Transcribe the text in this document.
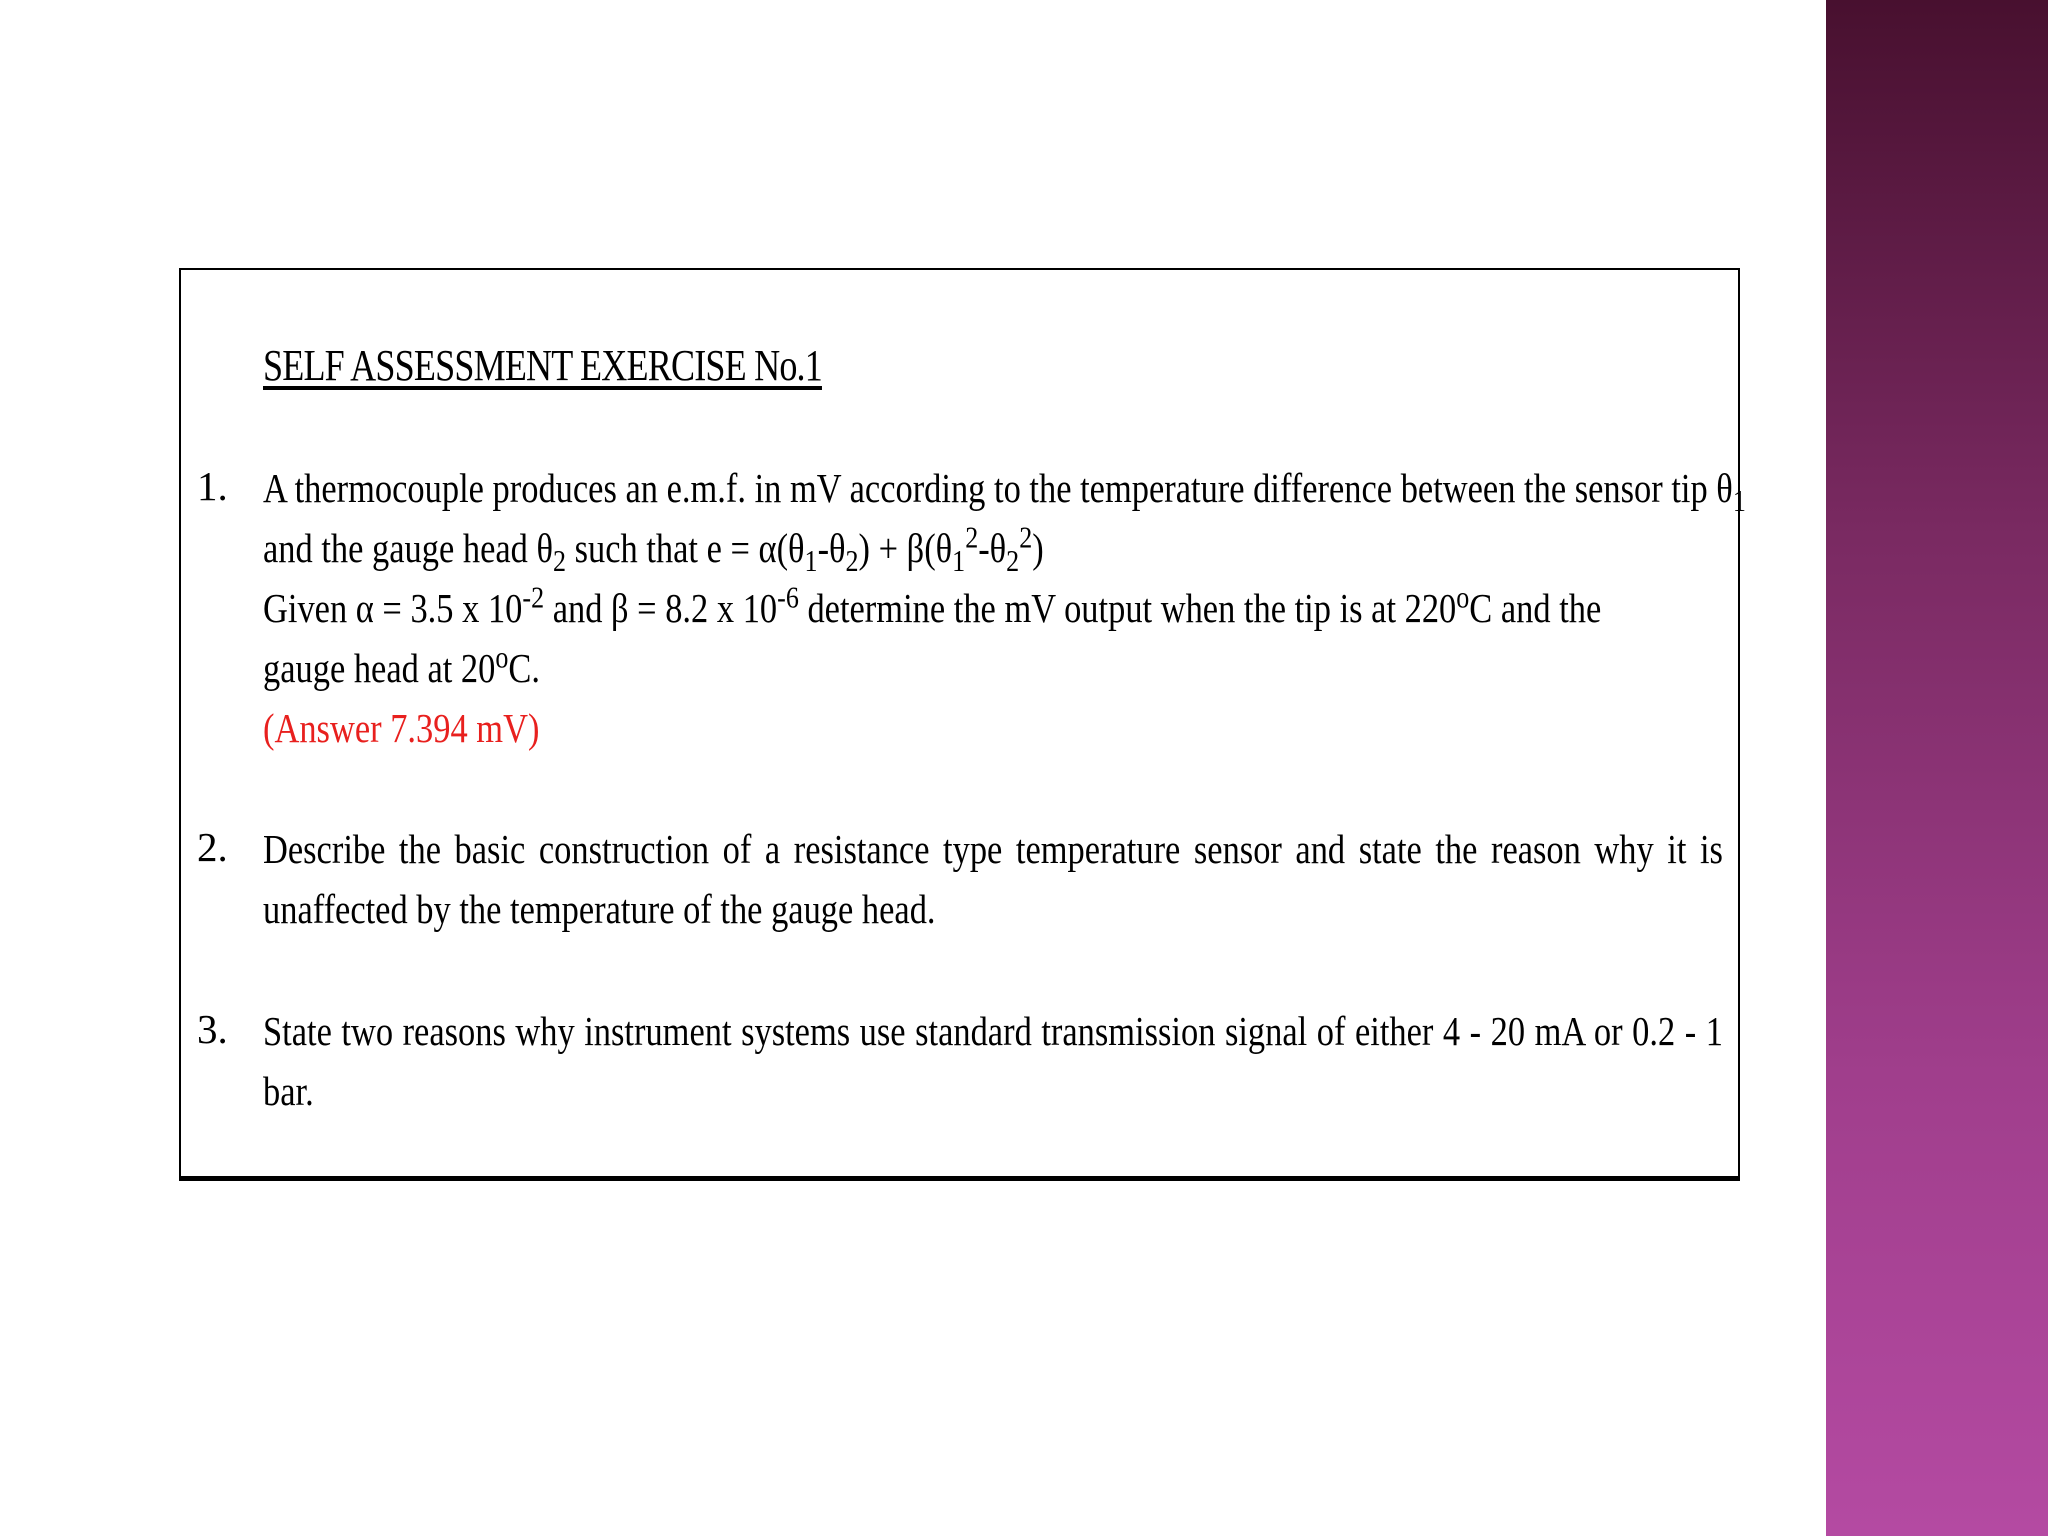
SELF ASSESSMENT EXERCISE No.1
1. A thermocouple produces an e.m.f. in mV according to the temperature difference between the sensor tip $\theta_1$
and the gauge head $\theta_2$ such that $e = \alpha(\theta_1-\theta_2) + \beta(\theta_1^2-\theta_2^2)$
Given α = 3.5 x $10^{-2}$ and β = 8.2 x $10^{-6}$ determine the mV output when the tip is at 220$^o$C and the
gauge head at 20$^o$C.
(Answer 7.394 mV)
2. Describe the basic construction of a resistance type temperature sensor and state the reason why it is
unaffected by the temperature of the gauge head.
3. State two reasons why instrument systems use standard transmission signal of either 4 - 20 mA or 0.2 - 1
bar.
